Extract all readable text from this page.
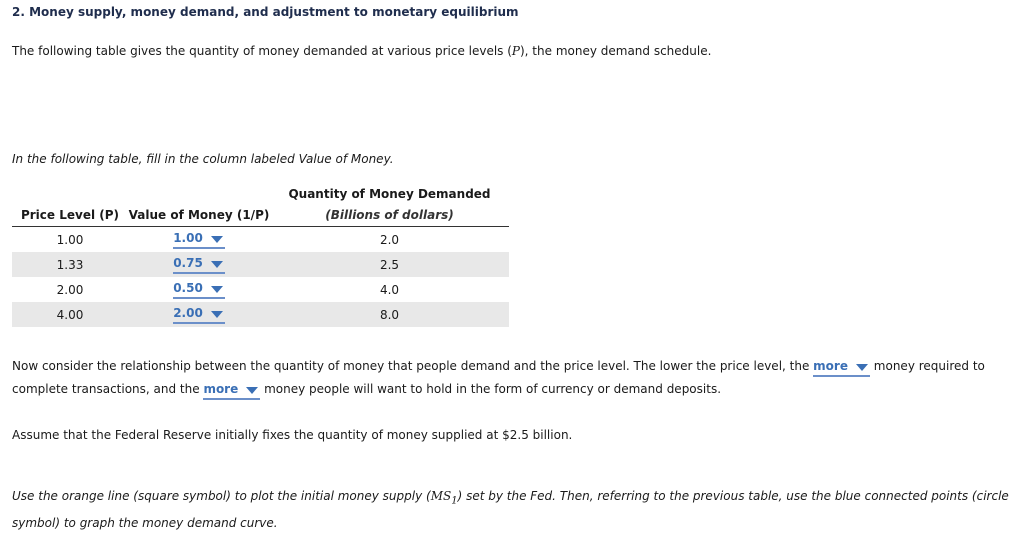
2. Money supply, money demand, and adjustment to monetary equilibrium
The following table gives the quantity of money demanded at various price levels (P), the money demand schedule.
In the following table, fill in the column labeled Value of Money.
		Quantity of Money Demanded
Price Level (P)	Value of Money (1/P)	(Billions of dollars)
1.00	1.00	2.0
1.33	0.75	2.5
2.00	0.50	4.0
4.00	2.00	8.0
Now consider the relationship between the quantity of money that people demand and the price level. The lower the price level, the more
money required to complete transactions, and the more
money people will want to hold in the form of currency or demand deposits.
Assume that the Federal Reserve initially fixes the quantity of money supplied at $2.5 billion.
Use the orange line (square symbol) to plot the initial money supply $(MS_1)$ set by the Fed. Then, referring to the previous table, use the blue connected points (circle symbol) to graph the money demand curve.
